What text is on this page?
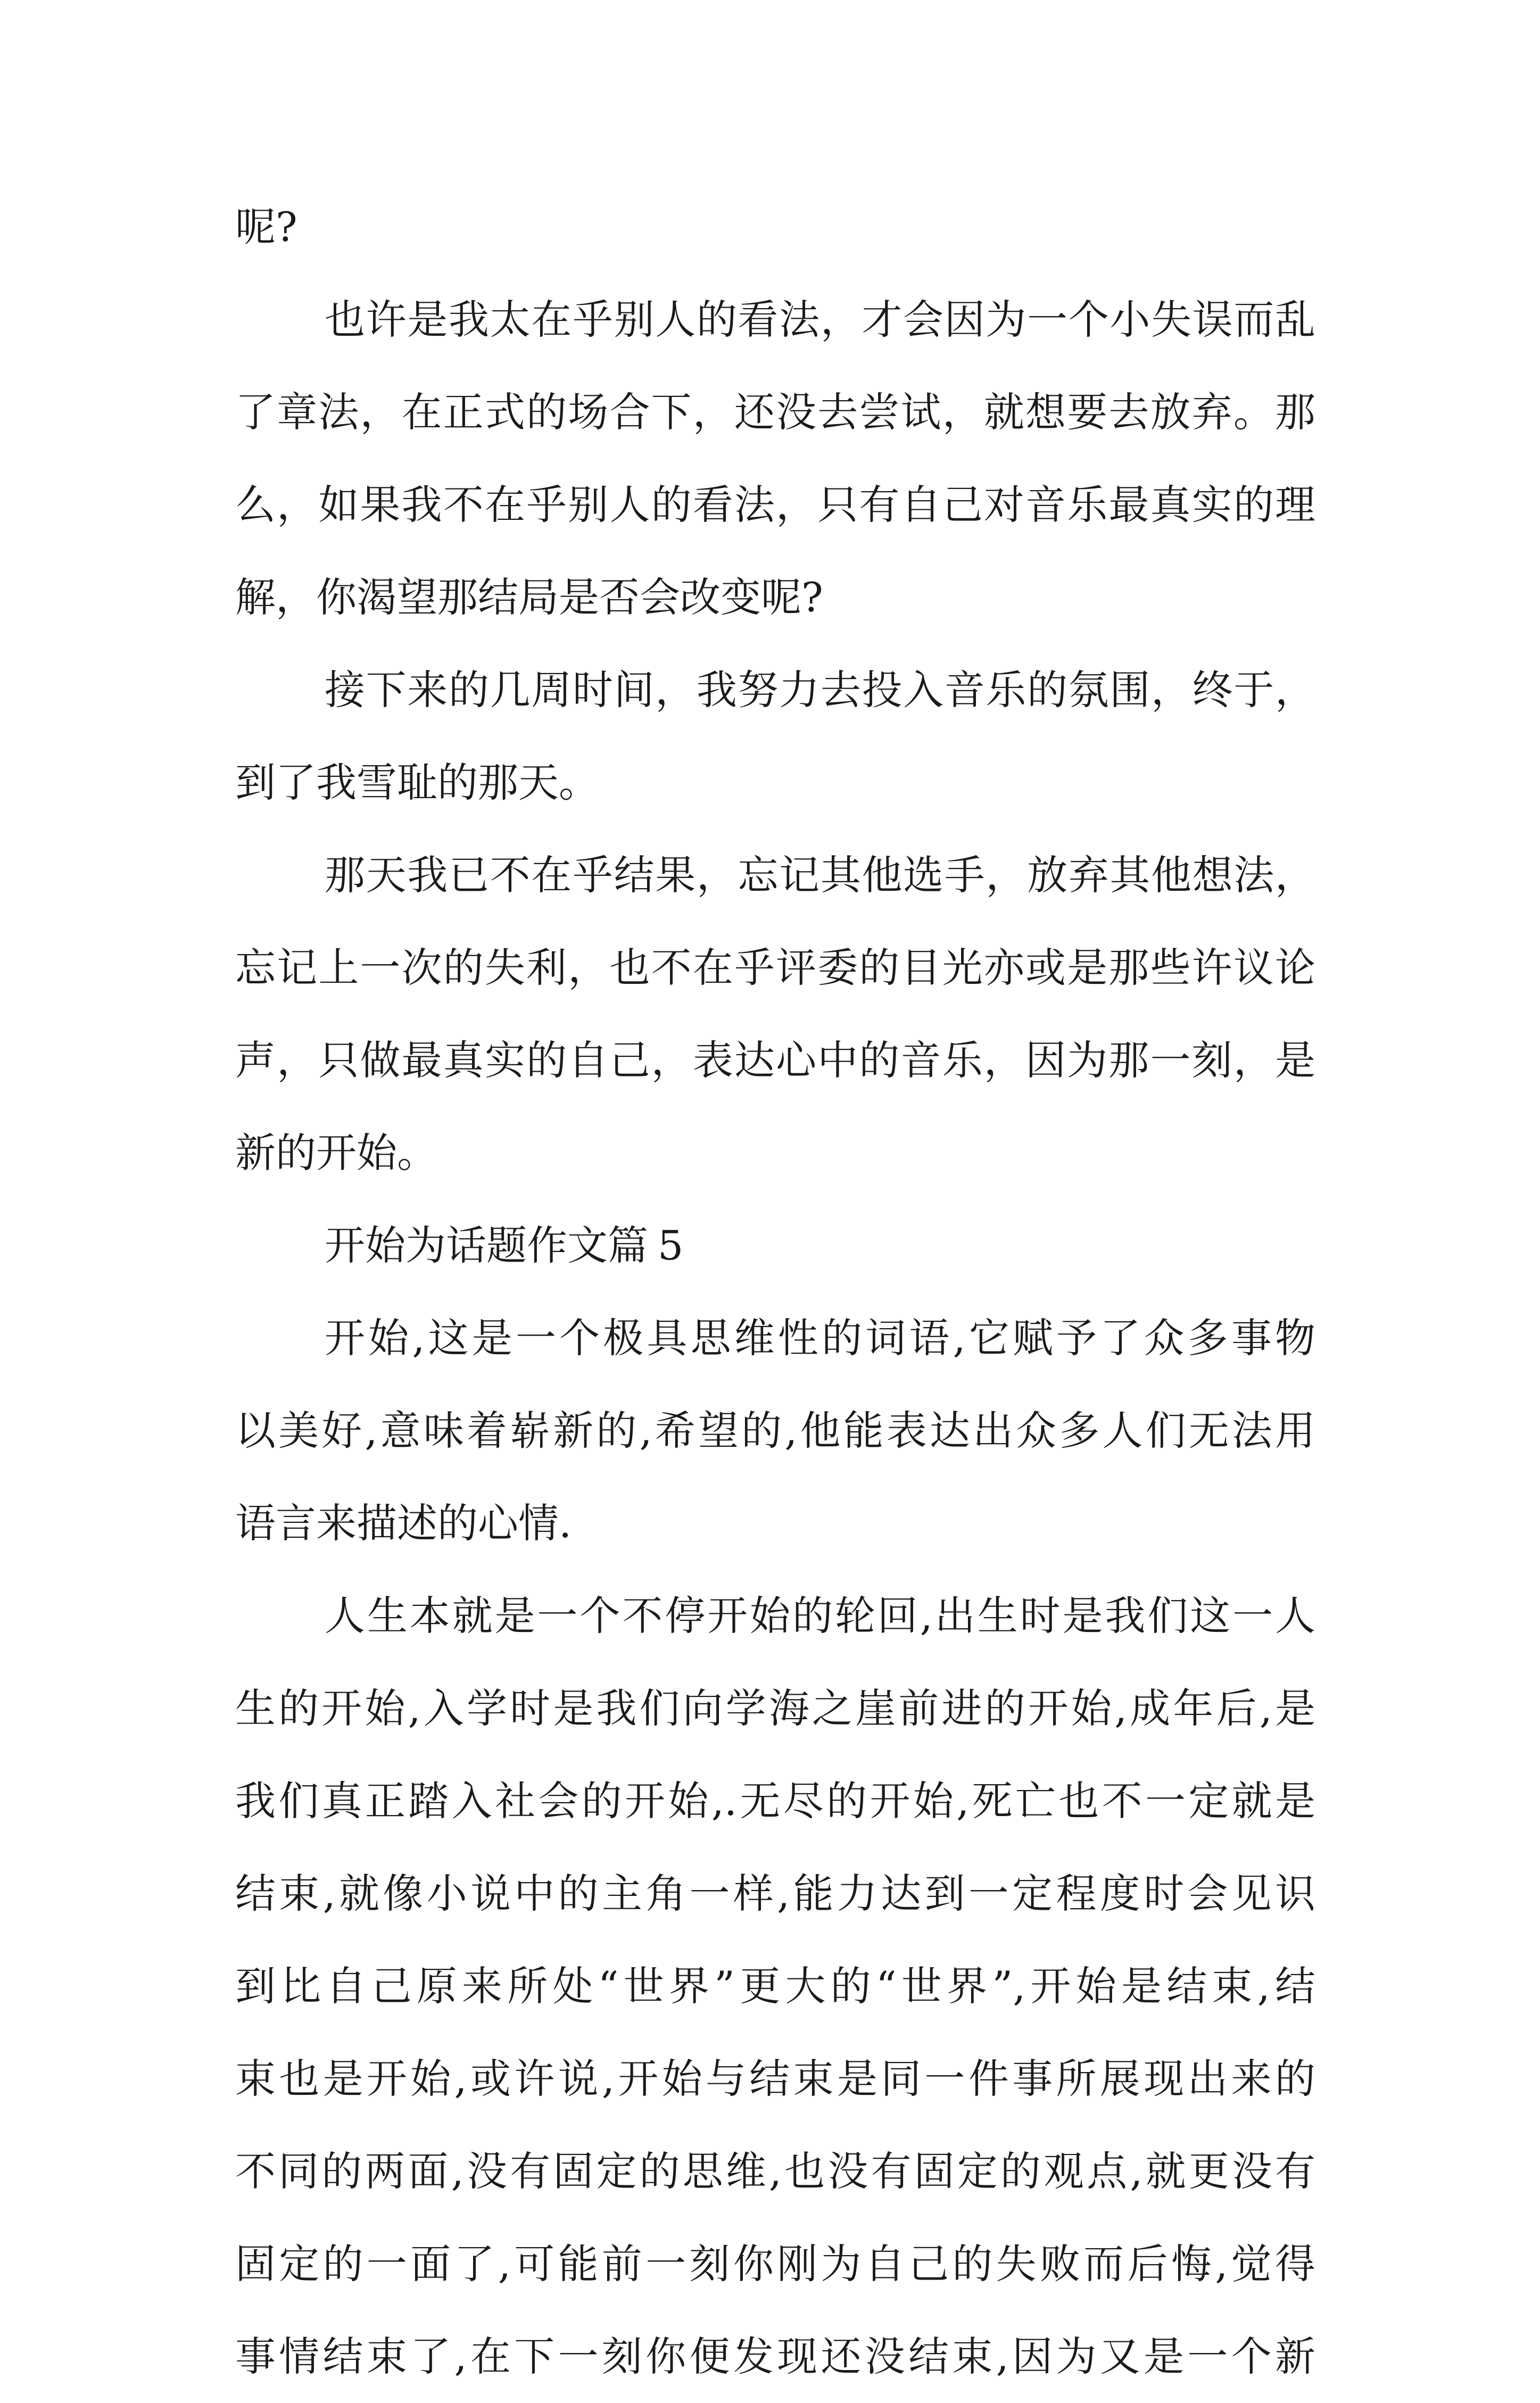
呢?
也许是我太在乎别人的看法，才会因为一个小失误而乱
了章法，在正式的场合下，还没去尝试，就想要去放弃。那
么，如果我不在乎别人的看法，只有自己对音乐最真实的理
解，你渴望那结局是否会改变呢?
接下来的几周时间，我努力去投入音乐的氛围，终于，
到了我雪耻的那天。
那天我已不在乎结果，忘记其他选手，放弃其他想法，
忘记上一次的失利，也不在乎评委的目光亦或是那些许议论
声，只做最真实的自己，表达心中的音乐，因为那一刻，是
新的开始。
开始为话题作文篇 5
开始,这是一个极具思维性的词语,它赋予了众多事物
以美好,意味着崭新的,希望的,他能表达出众多人们无法用
语言来描述的心情.
人生本就是一个不停开始的轮回,出生时是我们这一人
生的开始,入学时是我们向学海之崖前进的开始,成年后,是
我们真正踏入社会的开始,.无尽的开始,死亡也不一定就是
结束,就像小说中的主角一样,能力达到一定程度时会见识
到比自己原来所处“世界”更大的“世界”,开始是结束,结
束也是开始,或许说,开始与结束是同一件事所展现出来的
不同的两面,没有固定的思维,也没有固定的观点,就更没有
固定的一面了,可能前一刻你刚为自己的失败而后悔,觉得
事情结束了,在下一刻你便发现还没结束,因为又是一个新
